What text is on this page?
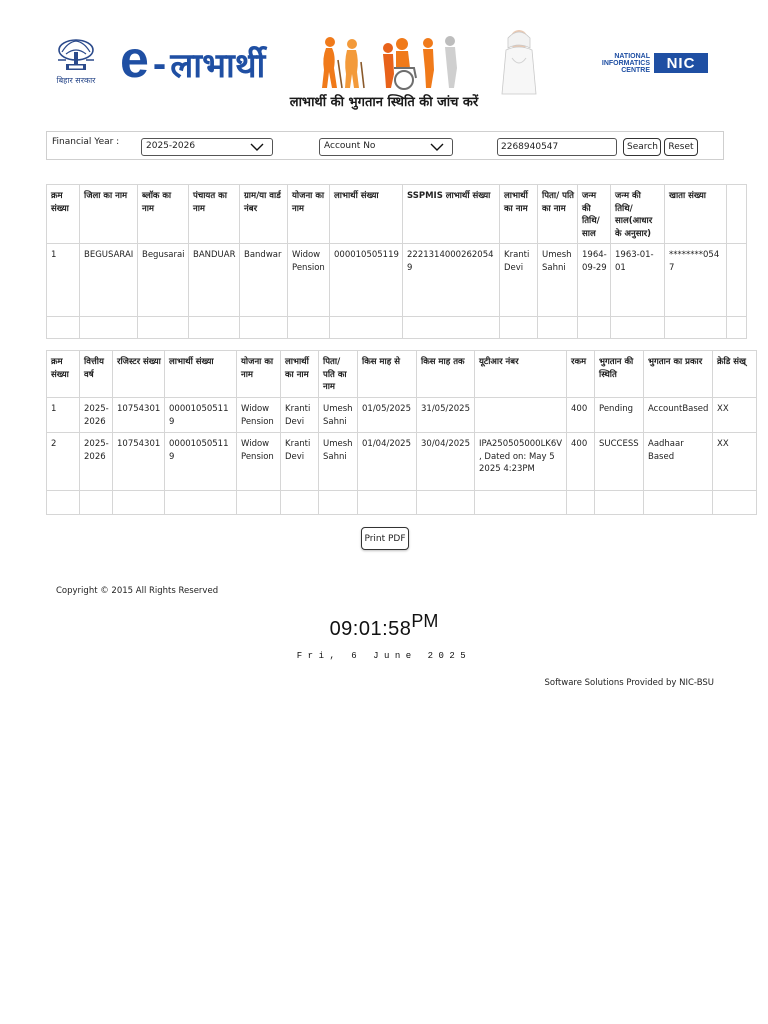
बिहार सरकार e - लाभार्थी	NATIONAL
INFORMATICS
CENTRE	NIC
लाभार्थी की भुगतान स्थिति की जांच करें
Financial Year :	2025-2026	Account No
2268940547	Search	Reset
क्रम संख्या	जिला का नाम	ब्लॉक का नाम	पंचायत का नाम	ग्राम/या वार्ड नंबर	योजना का नाम	लाभार्थी संख्या	SSPMIS लाभार्थी संख्या	लाभार्थी का नाम	पिता/ पति का नाम	जन्म की तिथि/ साल	जन्म की तिथि/ साल(आधार के अनुसार)	खाता संख्या	
1	BEGUSARAI	Begusarai	BANDUAR	Bandwar	Widow Pension	000010505119	22213140002620549	Kranti Devi	Umesh Sahni	1964-09-29	1963-01-01	********0547	

क्रम संख्या	वित्तीय वर्ष	रजिस्टर संख्या	लाभार्थी संख्या	योजना का नाम	लाभार्थी का नाम	पिता/ पति का नाम	किस माह से	किस माह तक	यूटीआर नंबर	रकम	भुगतान की स्थिति	भुगतान का प्रकार	क्रेडि संख्
1	2025-2026	10754301	000010505119	Widow Pension	Kranti Devi	Umesh Sahni	01/05/2025	31/05/2025		400	Pending	AccountBased	XX
2	2025-2026	10754301	000010505119	Widow Pension	Kranti Devi	Umesh Sahni	01/04/2025	30/04/2025	IPA250505000LK6V, Dated on: May 5 2025 4:23PM	400	SUCCESS	Aadhaar Based	XX

Print PDF
Copyright © 2015 All Rights Reserved
09:01:58PM
Fri, 6 June 2025
Software Solutions Provided by NIC-BSU
